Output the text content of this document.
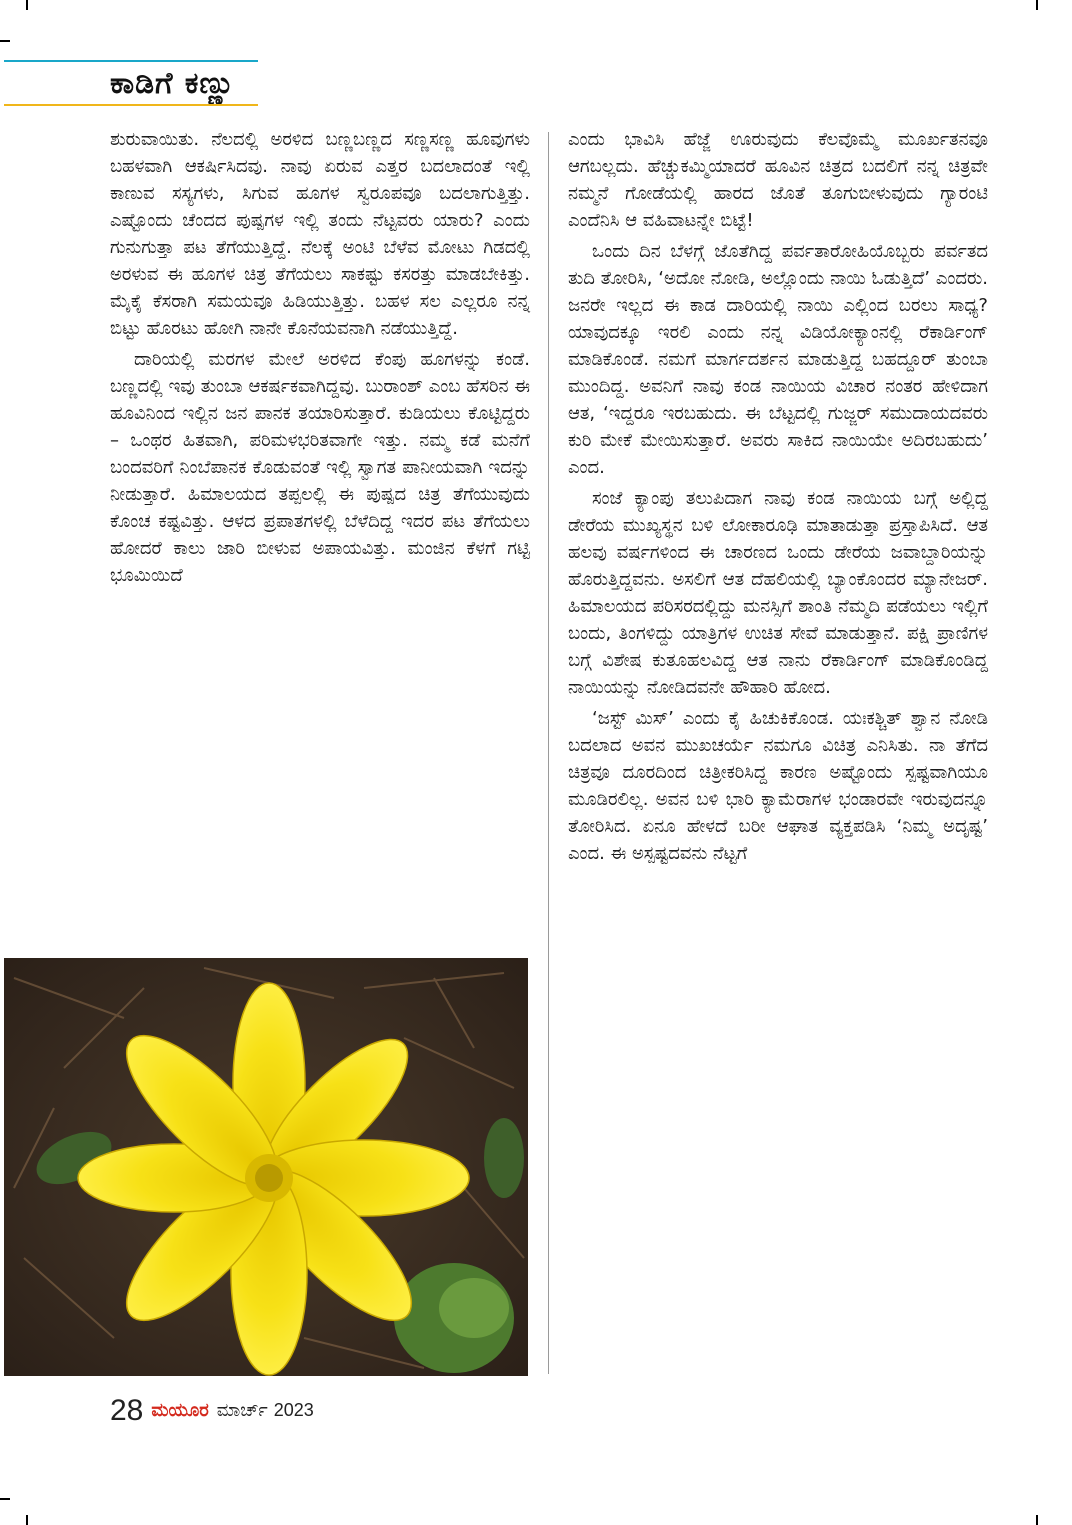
ಕಾಡಿಗೆ ಕಣ್ಣು

ಶುರುವಾಯಿತು. ನೆಲದಲ್ಲಿ ಅರಳಿದ ಬಣ್ಣಬಣ್ಣದ ಸಣ್ಣಸಣ್ಣ ಹೂವುಗಳು ಬಹಳವಾಗಿ ಆಕರ್ಷಿಸಿದವು. ನಾವು ಏರುವ ಎತ್ತರ ಬದಲಾದಂತೆ ಇಲ್ಲಿ ಕಾಣುವ ಸಸ್ಯಗಳು, ಸಿಗುವ ಹೂಗಳ ಸ್ವರೂಪವೂ ಬದಲಾಗುತ್ತಿತ್ತು. ಎಷ್ಟೊಂದು ಚೆಂದದ ಪುಷ್ಪಗಳ ಇಲ್ಲಿ ತಂದು ನೆಟ್ಟವರು ಯಾರು? ಎಂದು ಗುನುಗುತ್ತಾ ಪಟ ತೆಗೆಯುತ್ತಿದ್ದೆ. ನೆಲಕ್ಕೆ ಅಂಟಿ ಬೆಳೆವ ಮೋಟು ಗಿಡದಲ್ಲಿ ಅರಳುವ ಈ ಹೂಗಳ ಚಿತ್ರ ತೆಗೆಯಲು ಸಾಕಷ್ಟು ಕಸರತ್ತು ಮಾಡಬೇಕಿತ್ತು. ಮೈಕೈ ಕೆಸರಾಗಿ ಸಮಯವೂ ಹಿಡಿಯುತ್ತಿತ್ತು. ಬಹಳ ಸಲ ಎಲ್ಲರೂ ನನ್ನ ಬಿಟ್ಟು ಹೊರಟು ಹೋಗಿ ನಾನೇ ಕೊನೆಯವನಾಗಿ ನಡೆಯುತ್ತಿದ್ದೆ.

ದಾರಿಯಲ್ಲಿ ಮರಗಳ ಮೇಲೆ ಅರಳಿದ ಕೆಂಪು ಹೂಗಳನ್ನು ಕಂಡೆ. ಬಣ್ಣದಲ್ಲಿ ಇವು ತುಂಬಾ ಆಕರ್ಷಕವಾಗಿದ್ದವು. ಬುರಾಂಶ್ ಎಂಬ ಹೆಸರಿನ ಈ ಹೂವಿನಿಂದ ಇಲ್ಲಿನ ಜನ ಪಾನಕ ತಯಾರಿಸುತ್ತಾರೆ. ಕುಡಿಯಲು ಕೊಟ್ಟಿದ್ದರು – ಒಂಥರ ಹಿತವಾಗಿ, ಪರಿಮಳಭರಿತವಾಗೇ ಇತ್ತು. ನಮ್ಮ ಕಡೆ ಮನೆಗೆ ಬಂದವರಿಗೆ ನಿಂಬೆಪಾನಕ ಕೊಡುವಂತೆ ಇಲ್ಲಿ ಸ್ವಾಗತ ಪಾನೀಯವಾಗಿ ಇದನ್ನು ನೀಡುತ್ತಾರೆ. ಹಿಮಾಲಯದ ತಪ್ಪಲಲ್ಲಿ ಈ ಪುಷ್ಪದ ಚಿತ್ರ ತೆಗೆಯುವುದು ಕೊಂಚ ಕಷ್ಟವಿತ್ತು. ಆಳದ ಪ್ರಪಾತಗಳಲ್ಲಿ ಬೆಳೆದಿದ್ದ ಇದರ ಪಟ ತೆಗೆಯಲು ಹೋದರೆ ಕಾಲು ಜಾರಿ ಬೀಳುವ ಅಪಾಯವಿತ್ತು. ಮಂಜಿನ ಕೆಳಗೆ ಗಟ್ಟಿ ಭೂಮಿಯಿದೆ

ಎಂದು ಭಾವಿಸಿ ಹೆಜ್ಜೆ ಊರುವುದು ಕೆಲವೊಮ್ಮೆ ಮೂರ್ಖತನವೂ ಆಗಬಲ್ಲದು. ಹೆಚ್ಚುಕಮ್ಮಿಯಾದರೆ ಹೂವಿನ ಚಿತ್ರದ ಬದಲಿಗೆ ನನ್ನ ಚಿತ್ರವೇ ನಮ್ಮನೆ ಗೋಡೆಯಲ್ಲಿ ಹಾರದ ಜೊತೆ ತೂಗುಬೀಳುವುದು ಗ್ಯಾರಂಟಿ ಎಂದೆನಿಸಿ ಆ ವಹಿವಾಟನ್ನೇ ಬಿಟ್ಟೆ!

ಒಂದು ದಿನ ಬೆಳಗ್ಗೆ ಜೊತೆಗಿದ್ದ ಪರ್ವತಾರೋಹಿಯೊಬ್ಬರು ಪರ್ವತದ ತುದಿ ತೋರಿಸಿ, ‘ಅದೋ ನೋಡಿ, ಅಲ್ಲೊಂದು ನಾಯಿ ಓಡುತ್ತಿದೆ’ ಎಂದರು. ಜನರೇ ಇಲ್ಲದ ಈ ಕಾಡ ದಾರಿಯಲ್ಲಿ ನಾಯಿ ಎಲ್ಲಿಂದ ಬರಲು ಸಾಧ್ಯ? ಯಾವುದಕ್ಕೂ ಇರಲಿ ಎಂದು ನನ್ನ ವಿಡಿಯೋಕ್ಯಾಂನಲ್ಲಿ ರೆಕಾರ್ಡಿಂಗ್ ಮಾಡಿಕೊಂಡೆ. ನಮಗೆ ಮಾರ್ಗದರ್ಶನ ಮಾಡುತ್ತಿದ್ದ ಬಹದ್ದೂರ್ ತುಂಬಾ ಮುಂದಿದ್ದ. ಅವನಿಗೆ ನಾವು ಕಂಡ ನಾಯಿಯ ವಿಚಾರ ನಂತರ ಹೇಳಿದಾಗ ಆತ, ‘ಇದ್ದರೂ ಇರಬಹುದು. ಈ ಬೆಟ್ಟದಲ್ಲಿ ಗುಜ್ಜರ್ ಸಮುದಾಯದವರು ಕುರಿ ಮೇಕೆ ಮೇಯಿಸುತ್ತಾರೆ. ಅವರು ಸಾಕಿದ ನಾಯಿಯೇ ಅದಿರಬಹುದು’ ಎಂದ.

ಸಂಜೆ ಕ್ಯಾಂಪು ತಲುಪಿದಾಗ ನಾವು ಕಂಡ ನಾಯಿಯ ಬಗ್ಗೆ ಅಲ್ಲಿದ್ದ ಡೇರೆಯ ಮುಖ್ಯಸ್ಥನ ಬಳಿ ಲೋಕಾರೂಢಿ ಮಾತಾಡುತ್ತಾ ಪ್ರಸ್ತಾಪಿಸಿದೆ. ಆತ ಹಲವು ವರ್ಷಗಳಿಂದ ಈ ಚಾರಣದ ಒಂದು ಡೇರೆಯ ಜವಾಬ್ದಾರಿಯನ್ನು ಹೊರುತ್ತಿದ್ದವನು. ಅಸಲಿಗೆ ಆತ ದೆಹಲಿಯಲ್ಲಿ ಬ್ಯಾಂಕೊಂದರ ಮ್ಯಾನೇಜರ್. ಹಿಮಾಲಯದ ಪರಿಸರದಲ್ಲಿದ್ದು ಮನಸ್ಸಿಗೆ ಶಾಂತಿ ನೆಮ್ಮದಿ ಪಡೆಯಲು ಇಲ್ಲಿಗೆ ಬಂದು, ತಿಂಗಳಿದ್ದು ಯಾತ್ರಿಗಳ ಉಚಿತ ಸೇವೆ ಮಾಡುತ್ತಾನೆ. ಪಕ್ಷಿ ಪ್ರಾಣಿಗಳ ಬಗ್ಗೆ ವಿಶೇಷ ಕುತೂಹಲವಿದ್ದ ಆತ ನಾನು ರೆಕಾರ್ಡಿಂಗ್ ಮಾಡಿಕೊಂಡಿದ್ದ ನಾಯಿಯನ್ನು ನೋಡಿದವನೇ ಹೌಹಾರಿ ಹೋದ.

‘ಜಸ್ಟ್ ಮಿಸ್’ ಎಂದು ಕೈ ಹಿಚುಕಿಕೊಂಡ. ಯಃಕಶ್ಚಿತ್ ಶ್ವಾನ ನೋಡಿ ಬದಲಾದ ಅವನ ಮುಖಚರ್ಯೆ ನಮಗೂ ವಿಚಿತ್ರ ಎನಿಸಿತು. ನಾ ತೆಗೆದ ಚಿತ್ರವೂ ದೂರದಿಂದ ಚಿತ್ರೀಕರಿಸಿದ್ದ ಕಾರಣ ಅಷ್ಟೊಂದು ಸ್ಪಷ್ಟವಾಗಿಯೂ ಮೂಡಿರಲಿಲ್ಲ. ಅವನ ಬಳಿ ಭಾರಿ ಕ್ಯಾಮೆರಾಗಳ ಭಂಡಾರವೇ ಇರುವುದನ್ನೂ ತೋರಿಸಿದ. ಏನೂ ಹೇಳದೆ ಬರೀ ಆಘಾತ ವ್ಯಕ್ತಪಡಿಸಿ ‘ನಿಮ್ಮ ಅದೃಷ್ಟ’ ಎಂದ. ಈ ಅಸ್ಪಷ್ಟದವನು ನೆಟ್ಟಗೆ

28 ಮಯೂರ ಮಾರ್ಚ್ 2023
